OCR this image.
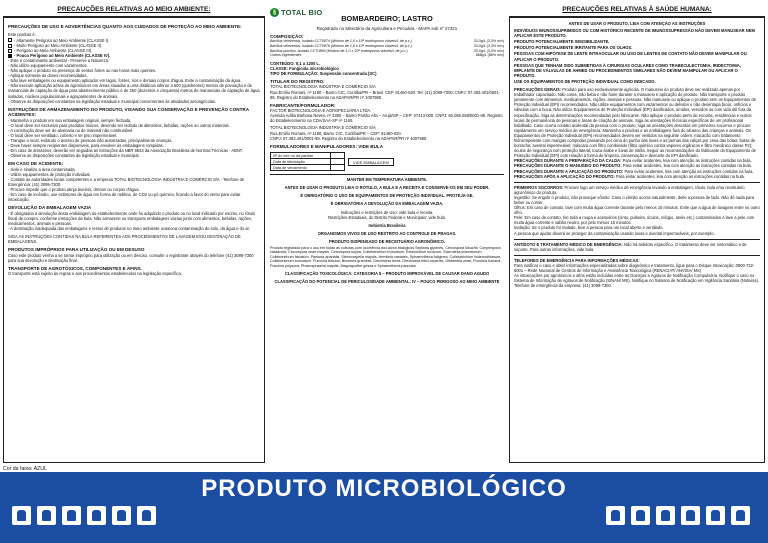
PRECAUÇÕES RELATIVAS AO MEIO AMBIENTE:
PRECAUÇÕES DE USO E ADVERTÊNCIAS QUANTO AOS CUIDADOS DE PROTEÇÃO AO MEIO AMBIENTE:
Este produto é:
- Altamente Perigoso ao Meio Ambiente (CLASSE I).
- Muito Perigoso ao Meio Ambiente (CLASSE II).
- Perigoso ao Meio Ambiente (CLASSE III).
- Pouco Perigoso ao Meio Ambiente (CLASSE IV).
- Este é contaminante ambiental - Preserve a Natureza.
- Não utilize equipamento com vazamentos.
- Não aplique o produto na presença de ventos fortes ou nas horas mais quentes.
- Aplique somente as doses recomendadas.
- Não lave embalagens ou equipamento aplicador em lagos, fontes, rios e demais corpos d'água. Evite a contaminação da água.
- Não execute aplicação aérea de agrotóxicos em áreas situadas a uma distância inferior a 500 (quinhentos) metros de povoação e de mananciais de captação de água para abastecimento público e de 250 (duzentos e cinquenta) metros de mananciais de captação de água isolados, núcleos populacionais e agrupamentos de animais.
- Observe as disposições constantes na legislação estadual e municipal concernentes às atividades aeroagrícolas.
INSTRUÇÕES DE ARMAZENAMENTO DO PRODUTO, VISANDO SUA CONSERVAÇÃO E PREVENÇÃO CONTRA ACIDENTES:
- Mantenha o produto em sua embalagem original, sempre fechada.
- O local deve ser exclusivo para produtos tóxicos, devendo ser isolado de alimentos, bebidas, rações ou outros materiais.
- A construção deve ser de alvenaria ou de material não combustível.
- O local deve ser ventilado, coberto e ter piso impermeável.
- Tranque o local, evitando o acesso de pessoas não autorizadas, principalmente crianças.
- Deve haver sempre recipientes disponíveis, para envolver as embalagens rompidas.
- Em caso de armazéns, deverão ser seguidas as instruções da NBR 9843 da Associação Brasileira de Normas Técnicas - ABNT.
- Observe as disposições constantes da legislação estadual e municipal.
EM CASO DE ACIDENTE:
- Isole e sinalize a área contaminada.
- Utilize equipamentos de proteção individual.
- Contate as autoridades locais competentes e a empresa TOTAL BIOTECNOLOGIA INDÚSTRIA E COMÉRCIO S/A - Telefone de Emergência: (41) 3099-7300.
- Procure impedir que o produto atinja bueiros, drenos ou corpos d'água.
- Em caso de incêndio, use extintores de água em forma de neblina, de CO2 ou pó químico, ficando a favor do vento para evitar intoxicação.
DEVOLUÇÃO DA EMBALAGEM VAZIA
- É obrigatória a devolução desta embalagem ao estabelecimento onde foi adquirido o produto ou no local indicado por escrito, no rótulo fiscal de compra, conforme instruções da bula. Não armazene ou transporte embalagens vazias junto com alimentos, bebidas, rações, medicamentos, animais e pessoas.
- A destinação inadequada das embalagens e restos de produtos no meio ambiente ocasiona contaminação do solo, da água e do ar.
SIGA AS INSTRUÇÕES CONTIDAS NA BULA REFERENTES AOS PROCEDIMENTOS DE LAVAGEM E/OU DESTINAÇÃO DE EMBALAGENS.
PRODUTOS IMPRÓPRIOS PARA UTILIZAÇÃO OU EM DESUSO
Caso este produto venha a se tornar impróprio para utilização ou em desuso, consulte o registrante através do telefone (41) 3099-7300 para sua devolução e destinação final.
TRANSPORTE DE AGROTÓXICOS, COMPONENTES E AFINS.
O transporte está sujeito às regras e aos procedimentos estabelecidos na legislação específica.
TOTAL BIO
BOMBARDEIRO; LASTRO
Registrado no Ministério da Agricultura e Pecuária - MAPA sob nº 27321
COMPOSIÇÃO:
Bacillus velezensis, isolado CCT0874 (Mínimo de 1,0 x 10⁸ endósporos viáveis/L de p.c.)	33,0g/L (3,3% m/v)
Bacillus velezensis, isolado CCT0876 (Mínimo de 1,0 x 10⁸ endósporos viáveis/L de p.c.)	33,0g/L (3,3% m/v)
Bacillus pumilus, isolado CCT0869 (Mínimo de 1,0 x 10⁸ endósporos viáveis/L de p.c.)	33,0g/L (3,3% m/v)
Outros ingredientes	868g/L (86% m/v)
CONTEÚDO: 0,1 a 1200 L.
CLASSE: Fungicida microbiológico
TIPO DE FORMULAÇÃO: Suspensão concentrada (SC)
TITULAR DO REGISTRO:
TOTAL BIOTECNOLOGIA INDÚSTRIA E COMÉRCIO S/A
Rua Emílio Romani, nº 1190 – Bairro CIC, Curitiba/PR – Brasil. CEP. 81460-020. Tel: (41) 3099-7300. CNPJ: 07.483.401/0001-99. Registro do Estabelecimento na ADAPAR/PR nº 1007980.
FABRICANTE/FORMULADOR:
FACTOR BIOTECNOLOGIA E AGROPECUÁRIA LTDA.
Avenida Adília Barbosa Neves, nº 3350 – Bairro Portão Alto – Arujá/SP – CEP: 07413-000. CNPJ: 60.065.058/0001-88. Registro do Estabelecimento na CDA/SAA-SP nº 1165.
TOTAL BIOTECNOLOGIA INDÚSTRIA E COMÉRCIO S/A
Rua Emílio Romani, nº 1190, Bairro CIC, Curitiba/PR – CEP: 81460-020.
CNPJ: 07.483.401/0001-99. Registro do Estabelecimento na ADAPAR/PR nº 1007980.
FORMULADORES E MANIPULADORES: VIDE BULA
Nº do lote ou da partida	
Data de fabricação	
Data de vencimento	
VIDE EMBALAGEM
MANTER EM TEMPERATURA AMBIENTE.
ANTES DE USAR O PRODUTO LEIA O RÓTULO, A BULA E A RECEITA E CONSERVE-OS EM SEU PODER.
É OBRIGATÓRIO O USO DE EQUIPAMENTOS DE PROTEÇÃO INDIVIDUAL. PROTEJA-SE.
É OBRIGATÓRIA A DEVOLUÇÃO DA EMBALAGEM VAZIA.
Indicações e restrições de Uso: vide bula e receita.
Restrições Estaduais, do Distrito Federal e Municipais: vide bula.
Indústria Brasileira
ORGANISMOS VIVOS DE USO RESTRITO AO CONTROLE DE PRAGAS.
PRODUTO DISPENSADO DE RECEITUÁRIO AGRONÔMICO.
Produto registrado para o uso em todas as culturas com ocorrência dos alvos biológicos Septoria glycines, Cercospora kikuchii, Corynespora cassiicola, Cercospora zeae-maydis, Cercospora sojina, Colletotrichum truncatum, Exserohilum turcicum, Sclerotinia sclerotiorum, Colletotrichum falcatum, Pantoea ananatis, Stenocarpella maydis, Hemileia vastatrix, Sphaerotheca fuliginea, Colletotrichum lindemuthianum, Colletotrichum truncatum, Puccinia triticina, Blumeria graminis, Drechslera teres, Drechslera tritici-repentis, Gibberella zeae, Puccinia horiana, Puccinia polysora, Phaeosphaeria maydis, Magnaporthe grisea e Sphaerotheca pannosa.
CLASSIFICAÇÃO TOXICOLÓGICA: CATEGORIA 5 – PRODUTO IMPROVÁVEL DE CAUSAR DANO AGUDO
CLASSIFICAÇÃO DO POTENCIAL DE PERICULOSIDADE AMBIENTAL: IV – POUCO PERIGOSO AO MEIO AMBIENTE
PRECAUÇÕES RELATIVAS À SAÚDE HUMANA:
ANTES DE USAR O PRODUTO, LEIA COM ATENÇÃO AS INSTRUÇÕES
INDIVÍDUOS IMUNOSSUPRIMIDOS OU COM HISTÓRICO RECENTE DE IMUNOSSUPRESSÃO NÃO DEVEM MANUSEAR NEM APLICAR ESTE PRODUTO.
PRODUTO POTENCIALMENTE SENSIBILIZANTE.
PRODUTO POTENCIALMENTE IRRITANTE PARA OS OLHOS.
PESSOAS COM HIPÓTESE DE LENTE INTRAOCULAR OU USO DE LENTES DE CONTATO NÃO DEVEM MANIPULAR OU APLICAR O PRODUTO.
PESSOAS QUE TENHAM SIDO SUBMETIDAS À CIRURGIAS OCULARES COMO TRABECULECTOMIA, IRIDECTOMIA, IMPLANTE DE VÁLVULAS DE AHMED OU PROCEDIMENTOS SIMILARES NÃO DEVEM MANIPULAR OU APLICAR O PRODUTO.
USE OS EQUIPAMENTOS DE PROTEÇÃO INDIVIDUAL COMO INDICADO.
PRECAUÇÕES GERAIS: Produto para uso exclusivamente agrícola. O manuseio do produto deve ser realizado apenas por trabalhador capacitado. Não coma, não beba e não fume durante o manuseio e aplicação do produto. Não transporte o produto juntamente com alimentos, medicamentos, rações, animais e pessoas. Não manuseie ou aplique o produto sem os Equipamentos de Proteção Individual (EPI) recomendados. Não utilize equipamentos com vazamentos ou defeitos e não desentupa bicos, orifícios e válvulas com a boca. Não utilize Equipamentos de Proteção Individual (EPI) danificados, úmidos, vencidos ou com vida útil fora da especificação. Siga as determinações recomendadas pelo fabricante. Não aplique o produto perto de escolas, residências e outros locais de permanência de pessoas e áreas de criação de animais. Siga as orientações técnicas específicas de um profissional habilitado. Caso ocorra contato acidental da pessoa com o produto, siga as orientações descritas em primeiros socorros e procure rapidamente um serviço médico de emergência. Mantenha o produto e as embalagens fora do alcance das crianças e animais. Os Equipamentos de Proteção Individual (EPI) recomendados devem ser vestidos na seguinte ordem: macacão com tratamento hidrorrepelente com mangas compridas passando por cima do punho das luvas e as pernas das calças por cima das botas; botas de borracha; avental impermeável; máscara com filtro combinado (filtro químico contra vapores orgânicos e filtro mecânico classe P2); óculos de segurança com proteção lateral; touca árabe e luvas de nitrila. Seguir as recomendações do fabricante do Equipamento de Proteção Individual (EPI) com relação à forma de limpeza, conservação e descarte do EPI danificado.
PRECAUÇÕES DURANTE A PREPARAÇÃO DA CALDA: Para evitar acidentes, leia com atenção as instruções contidas na bula.
PRECAUÇÕES DURANTE O MANUSEIO DO PRODUTO: Para evitar acidentes, leia com atenção as instruções contidas na bula.
PRECAUÇÕES DURANTE A APLICAÇÃO DO PRODUTO: Para evitar acidentes, leia com atenção as instruções contidas na bula.
PRECAUÇÕES APÓS A APLICAÇÃO DO PRODUTO: Para evitar acidentes, leia com atenção as instruções contidas na bula.
PRIMEIROS SOCORROS: Procure logo um serviço médico de emergência levando a embalagem, rótulo, bula e/ou receituário agronômico do produto.
Ingestão: Se engolir o produto, não provoque vômito. Caso o vômito ocorra naturalmente, deite a pessoa de lado. Não dê nada para beber ou comer.
Olhos: Em caso de contato, lave com muita água corrente durante pelo menos 15 minutos. Evite que a água de lavagem entre no outro olho.
Pele: Em caso de contato, tire toda a roupa e acessórios (cinto, pulseira, óculos, relógio, anéis etc.) contaminados e lave a pele com muita água corrente e sabão neutro, por pelo menos 15 minutos.
Inalação: Se o produto for inalado, leve a pessoa para um local aberto e ventilado.
A pessoa que ajudar deverá se proteger da contaminação usando luvas e avental impermeáveis, por exemplo.
ANTÍDOTO E TRATAMENTO MÉDICO DE EMERGÊNCIA: Não há antídoto específico. O tratamento deve ser sintomático e de suporte. Para outras informações, vide bula.
TELEFONES DE EMERGÊNCIA PARA INFORMAÇÕES MÉDICAS:
Para notificar o caso e obter informações especializadas sobre diagnóstico e tratamento, ligue para o Disque Intoxicação: 0800-722-6001 – Rede Nacional de Centros de Informação e Assistência Toxicológica (RENACIAT/ ANVISA/ MS)
As intoxicações por agrotóxicos e afins estão incluídas entre as Doenças e Agravos de Notificação Compulsória. Notifique o caso no Sistema de Informação de Agravos de Notificação (SINAN/ MS). Notifique no Sistema de Notificação em Vigilância Sanitária (Notivisa).
Telefone de emergência da empresa: (41) 3099-7300.
Cor da faixa: AZUL
PRODUTO MICROBIOLÓGICO
